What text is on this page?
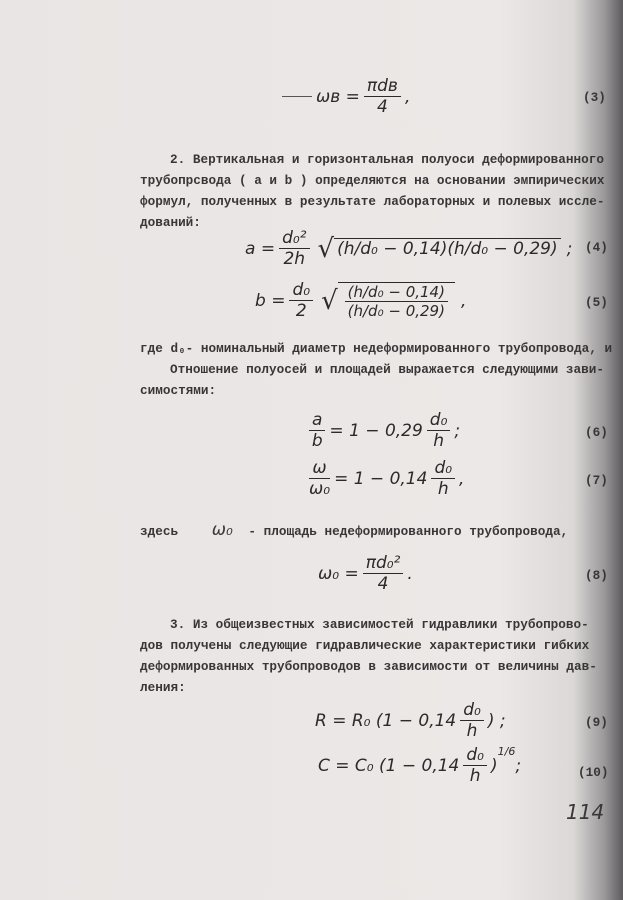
$\omega в = \frac{\text{πdв}}{4}$ ,	(3)
2. Вертикальная и горизонтальная полуоси деформированного
трубопрсвода ( a и b ) определяются на основании эмпирических
формул, полученных в результате лабораторных и полевых иссле-
дований:
$a = \frac{\text{d₀²}}{2h}$ √ (h/d₀ − 0,14)(h/d₀ − 0,29) ; (4)
$b = \frac{\text{d₀}}{2}$ √ $\frac{\text{(h/d₀ − 0,14)}}{\text{(h/d₀ − 0,29)}}$ ,	(5)
где d₀- номинальный диаметр недеформированного трубопровода, и
Отношение полуосей и площадей выражается следующими зави-
симостями:
$\frac{a}{b} = 1 - 0,29 \frac{\text{d₀}}{h}$ ;	(6)
$\frac{\omega}{\text{ω₀}} = 1 - 0,14 \frac{\text{d₀}}{h}$ ,	(7)
здесь ω₀ - площадь недеформированного трубопровода,
$\omega_0 = \frac{\text{πd₀²}}{4}$ .	(8)
3. Из общеизвестных зависимостей гидравлики трубопрово-
дов получены следующие гидравлические характеристики гибких
деформированных трубопроводов в зависимости от величины дав-
ления:
R = R₀ ($1 - 0,14 \frac{\text{d₀}}{h}$ ) ;	(9)
C = C₀ ($1 - 0,14 \frac{\text{d₀}}{h}$ )
$^{1/6}$
;	(10)
114
